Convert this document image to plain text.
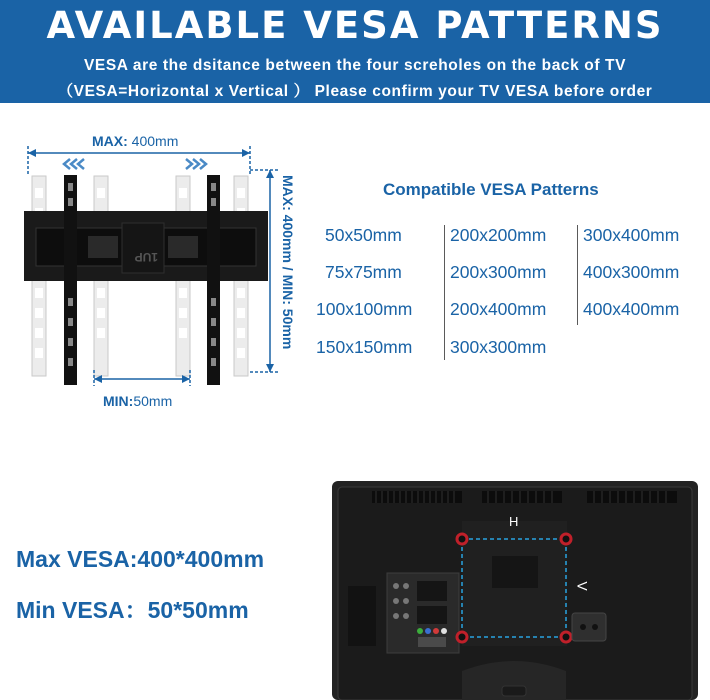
AVAILABLE VESA PATTERNS
VESA are the dsitance between the four screholes on the back of TV
（VESA=Horizontal x Vertical ） Please confirm your TV VESA before order
1UP
MAX: 400mm
MIN:50mm
MAX: 400mm / MIN: 50mm	Compatible VESA Patterns
50x50mm
75x75mm
100x100mm
150x150mm
200x200mm
200x300mm
200x400mm
300x300mm
300x400mm
400x300mm
400x400mm
Max VESA:400*400mm
Min VESA：50*50mm
H
V
